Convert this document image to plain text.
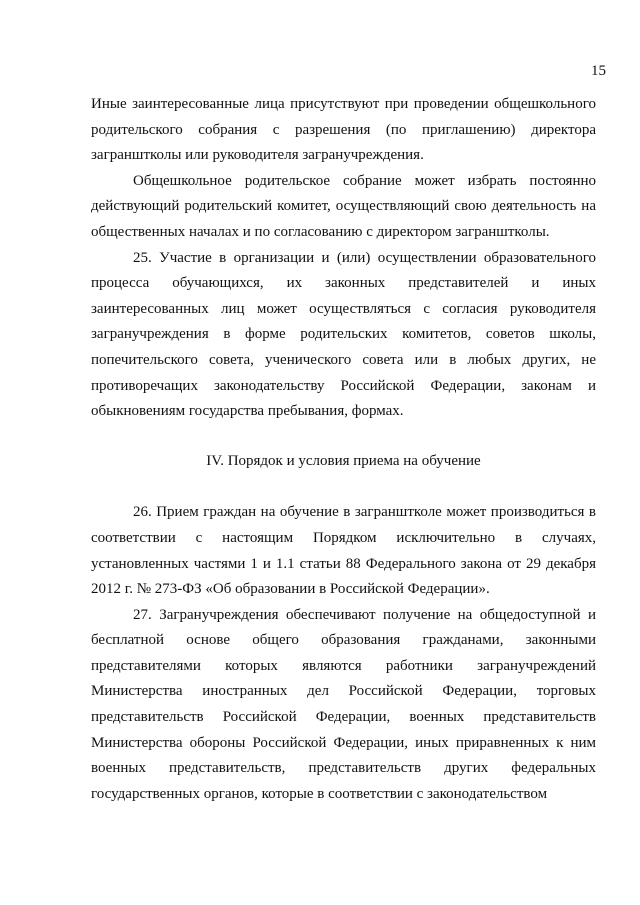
15

Иные заинтересованные лица присутствуют при проведении общешкольного родительского собрания с разрешения (по приглашению) директора загранштколы или руководителя загранучреждения.

Общешкольное родительское собрание может избрать постоянно действующий родительский комитет, осуществляющий свою деятельность на общественных началах и по согласованию с директором загранштколы.

25. Участие в организации и (или) осуществлении образовательного процесса обучающихся, их законных представителей и иных заинтересованных лиц может осуществляться с согласия руководителя загранучреждения в форме родительских комитетов, советов школы, попечительского совета, ученического совета или в любых других, не противоречащих законодательству Российской Федерации, законам и обыкновениям государства пребывания, формах.

IV. Порядок и условия приема на обучение

26. Прием граждан на обучение в загранштколе может производиться в соответствии с настоящим Порядком исключительно в случаях, установленных частями 1 и 1.1 статьи 88 Федерального закона от 29 декабря 2012 г. № 273-ФЗ «Об образовании в Российской Федерации».

27. Загранучреждения обеспечивают получение на общедоступной и бесплатной основе общего образования гражданами, законными представителями которых являются работники загранучреждений Министерства иностранных дел Российской Федерации, торговых представительств Российской Федерации, военных представительств Министерства обороны Российской Федерации, иных приравненных к ним военных представительств, представительств других федеральных государственных органов, которые в соответствии с законодательством
